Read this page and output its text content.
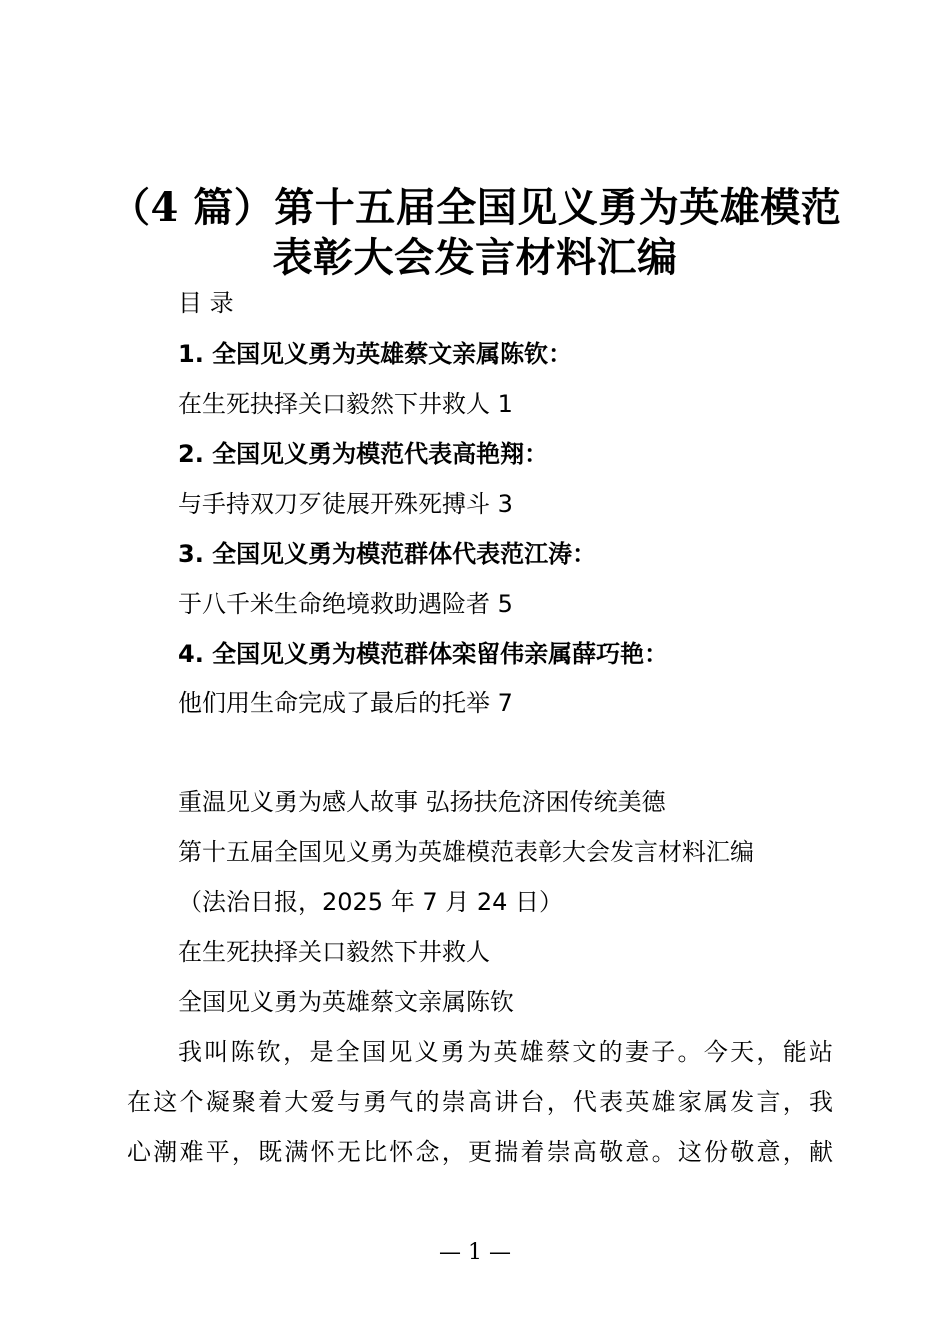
（4 篇）第十五届全国见义勇为英雄模范
表彰大会发言材料汇编
目 录
1. 全国见义勇为英雄蔡文亲属陈钦：
在生死抉择关口毅然下井救人 1
2. 全国见义勇为模范代表高艳翔：
与手持双刀歹徒展开殊死搏斗 3
3. 全国见义勇为模范群体代表范江涛：
于八千米生命绝境救助遇险者 5
4. 全国见义勇为模范群体栾留伟亲属薛巧艳：
他们用生命完成了最后的托举 7
重温见义勇为感人故事 弘扬扶危济困传统美德
第十五届全国见义勇为英雄模范表彰大会发言材料汇编
（法治日报，2025 年 7 月 24 日）
在生死抉择关口毅然下井救人
全国见义勇为英雄蔡文亲属陈钦
我叫陈钦，是全国见义勇为英雄蔡文的妻子。今天，能站
在这个凝聚着大爱与勇气的崇高讲台，代表英雄家属发言，我
心潮难平，既满怀无比怀念，更揣着崇高敬意。这份敬意，献
— 1 —
